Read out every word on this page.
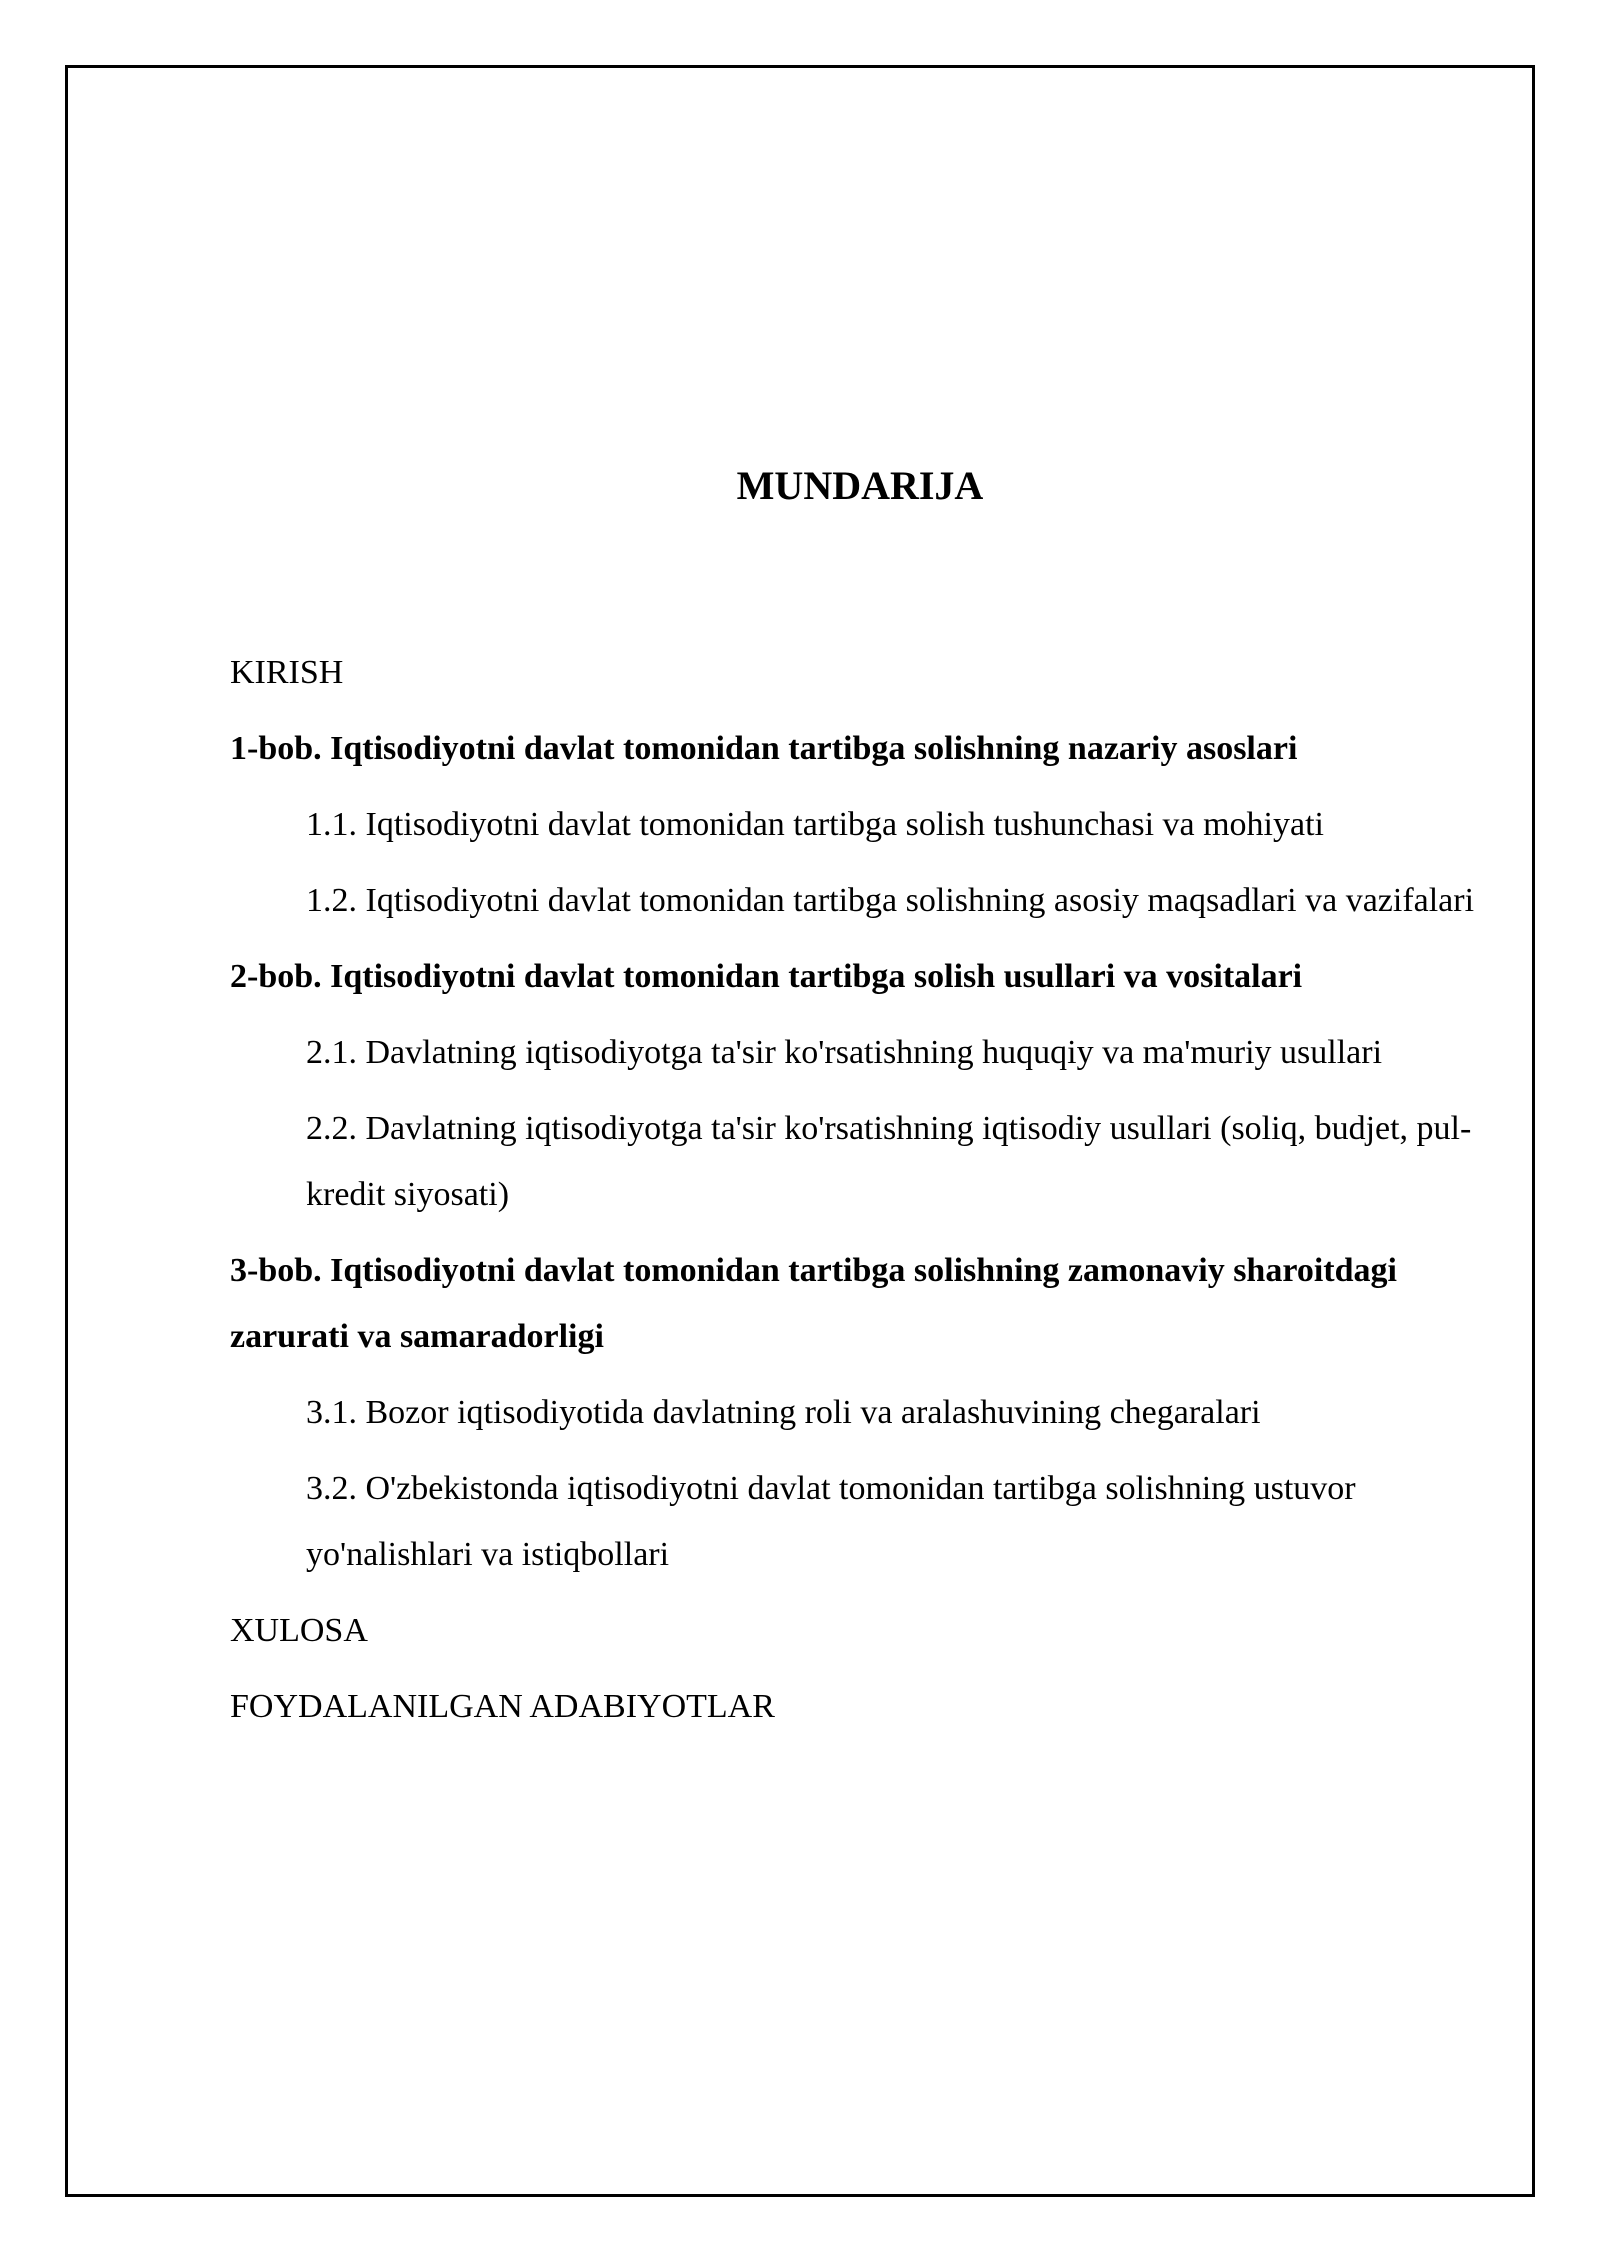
MUNDARIJA
KIRISH
1-bob. Iqtisodiyotni davlat tomonidan tartibga solishning nazariy asoslari
1.1. Iqtisodiyotni davlat tomonidan tartibga solish tushunchasi va mohiyati
1.2. Iqtisodiyotni davlat tomonidan tartibga solishning asosiy maqsadlari va vazifalari
2-bob. Iqtisodiyotni davlat tomonidan tartibga solish usullari va vositalari
2.1. Davlatning iqtisodiyotga ta'sir ko'rsatishning huquqiy va ma'muriy usullari
2.2. Davlatning iqtisodiyotga ta'sir ko'rsatishning iqtisodiy usullari (soliq, budjet, pul-kredit siyosati)
3-bob. Iqtisodiyotni davlat tomonidan tartibga solishning zamonaviy sharoitdagi zarurati va samaradorligi
3.1. Bozor iqtisodiyotida davlatning roli va aralashuvining chegaralari
3.2. O'zbekistonda iqtisodiyotni davlat tomonidan tartibga solishning ustuvor yo'nalishlari va istiqbollari
XULOSA
FOYDALANILGAN ADABIYOTLAR
